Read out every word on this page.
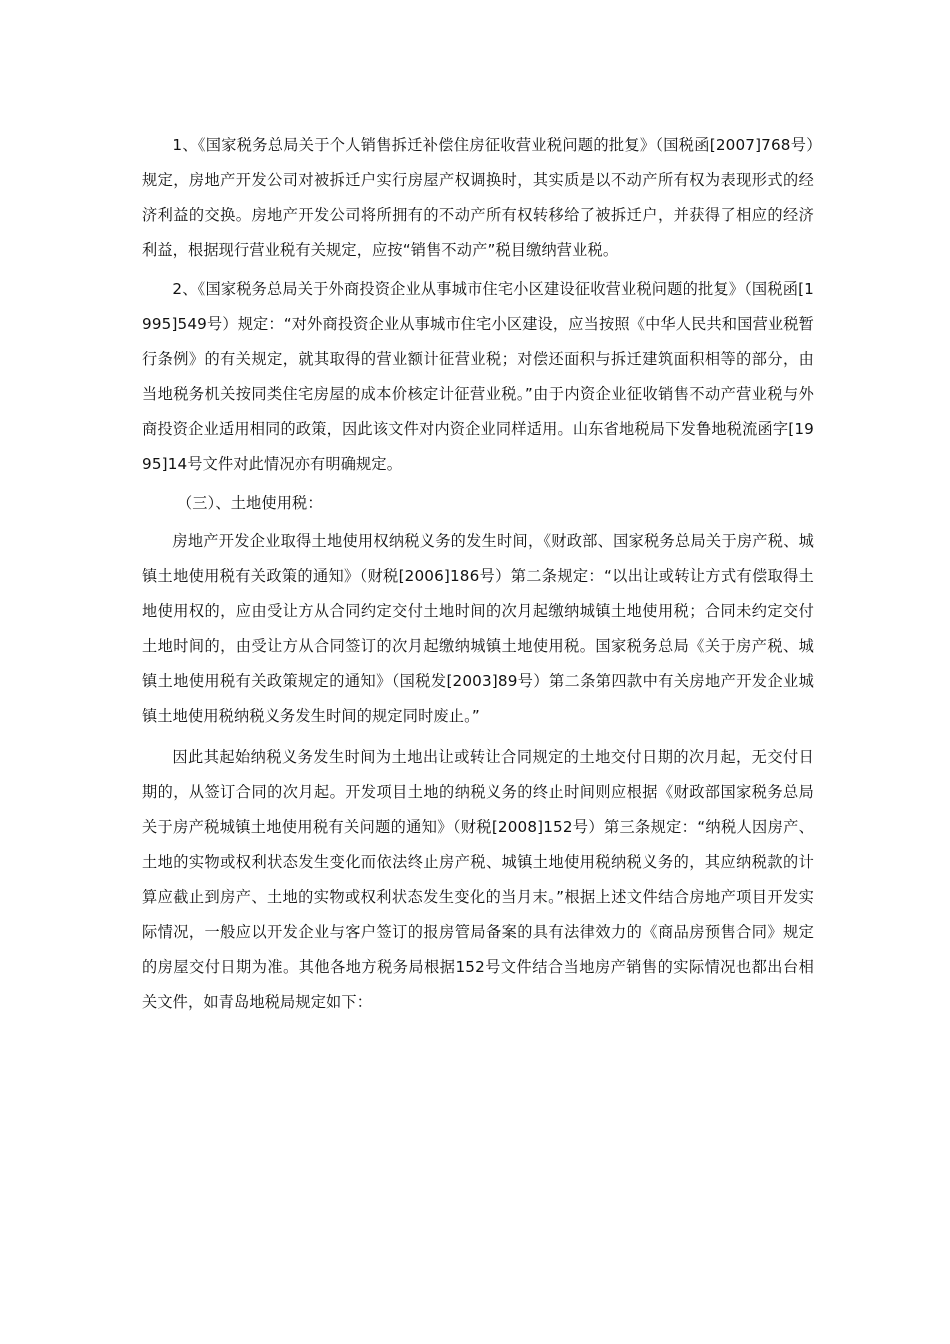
1、《国家税务总局关于个人销售拆迁补偿住房征收营业税问题的批复》（国税函[2007]768号）规定，房地产开发公司对被拆迁户实行房屋产权调换时，其实质是以不动产所有权为表现形式的经济利益的交换。房地产开发公司将所拥有的不动产所有权转移给了被拆迁户，并获得了相应的经济利益，根据现行营业税有关规定，应按“销售不动产”税目缴纳营业税。

2、《国家税务总局关于外商投资企业从事城市住宅小区建设征收营业税问题的批复》（国税函[1995]549号）规定：“对外商投资企业从事城市住宅小区建设，应当按照《中华人民共和国营业税暂行条例》的有关规定，就其取得的营业额计征营业税；对偿还面积与拆迁建筑面积相等的部分，由当地税务机关按同类住宅房屋的成本价核定计征营业税。”由于内资企业征收销售不动产营业税与外商投资企业适用相同的政策，因此该文件对内资企业同样适用。山东省地税局下发鲁地税流函字[1995]14号文件对此情况亦有明确规定。

（三）、土地使用税：

房地产开发企业取得土地使用权纳税义务的发生时间，《财政部、国家税务总局关于房产税、城镇土地使用税有关政策的通知》（财税[2006]186号）第二条规定：“以出让或转让方式有偿取得土地使用权的，应由受让方从合同约定交付土地时间的次月起缴纳城镇土地使用税；合同未约定交付土地时间的，由受让方从合同签订的次月起缴纳城镇土地使用税。国家税务总局《关于房产税、城镇土地使用税有关政策规定的通知》（国税发[2003]89号）第二条第四款中有关房地产开发企业城镇土地使用税纳税义务发生时间的规定同时废止。”

因此其起始纳税义务发生时间为土地出让或转让合同规定的土地交付日期的次月起，无交付日期的，从签订合同的次月起。开发项目土地的纳税义务的终止时间则应根据《财政部国家税务总局关于房产税城镇土地使用税有关问题的通知》（财税[2008]152号）第三条规定：“纳税人因房产、土地的实物或权利状态发生变化而依法终止房产税、城镇土地使用税纳税义务的，其应纳税款的计算应截止到房产、土地的实物或权利状态发生变化的当月末。”根据上述文件结合房地产项目开发实际情况，一般应以开发企业与客户签订的报房管局备案的具有法律效力的《商品房预售合同》规定的房屋交付日期为准。其他各地方税务局根据152号文件结合当地房产销售的实际情况也都出台相关文件，如青岛地税局规定如下：
